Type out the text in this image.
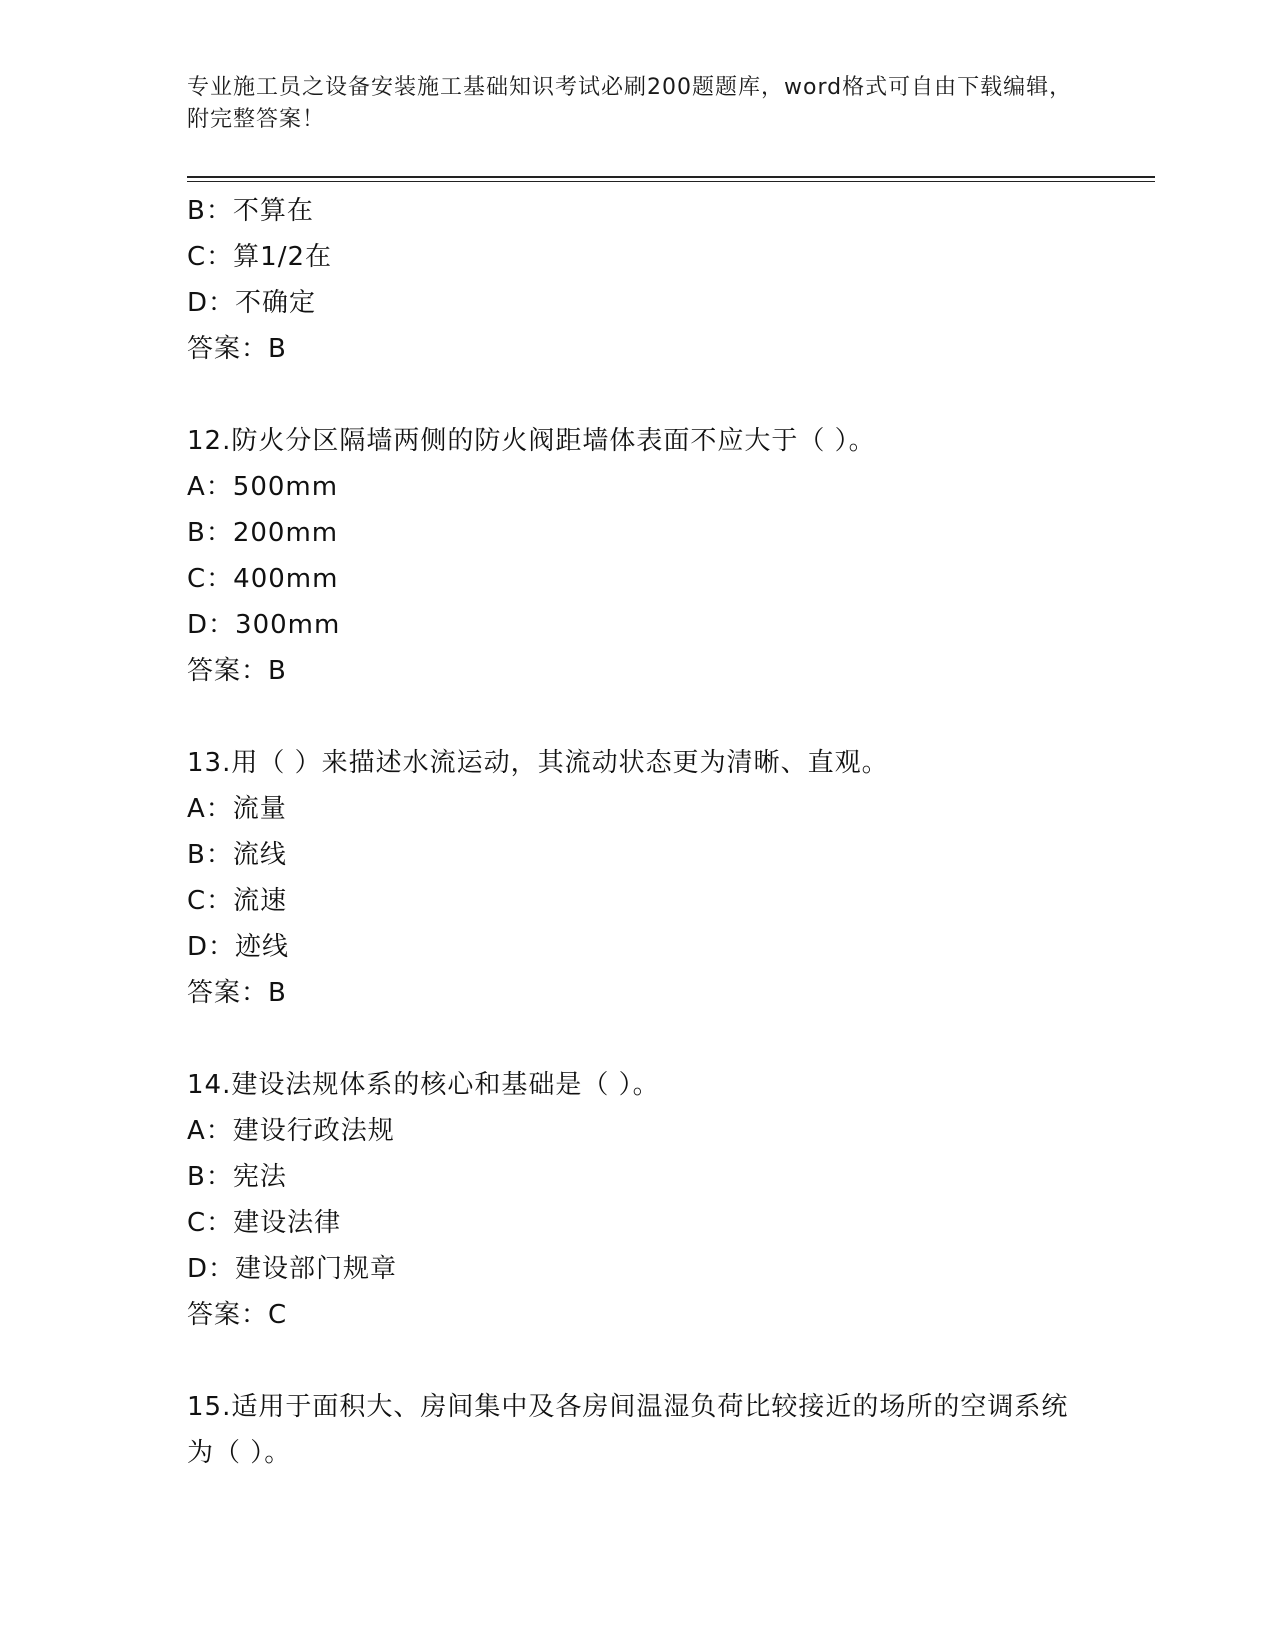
专业施工员之设备安装施工基础知识考试必刷200题题库，word格式可自由下载编辑，附完整答案！
B：不算在
C：算1/2在
D：不确定
答案：B
12.防火分区隔墙两侧的防火阀距墙体表面不应大于（ ）。
A：500mm
B：200mm
C：400mm
D：300mm
答案：B
13.用（ ）来描述水流运动，其流动状态更为清晰、直观。
A：流量
B：流线
C：流速
D：迹线
答案：B
14.建设法规体系的核心和基础是（ ）。
A：建设行政法规
B：宪法
C：建设法律
D：建设部门规章
答案：C
15.适用于面积大、房间集中及各房间温湿负荷比较接近的场所的空调系统为（ ）。
